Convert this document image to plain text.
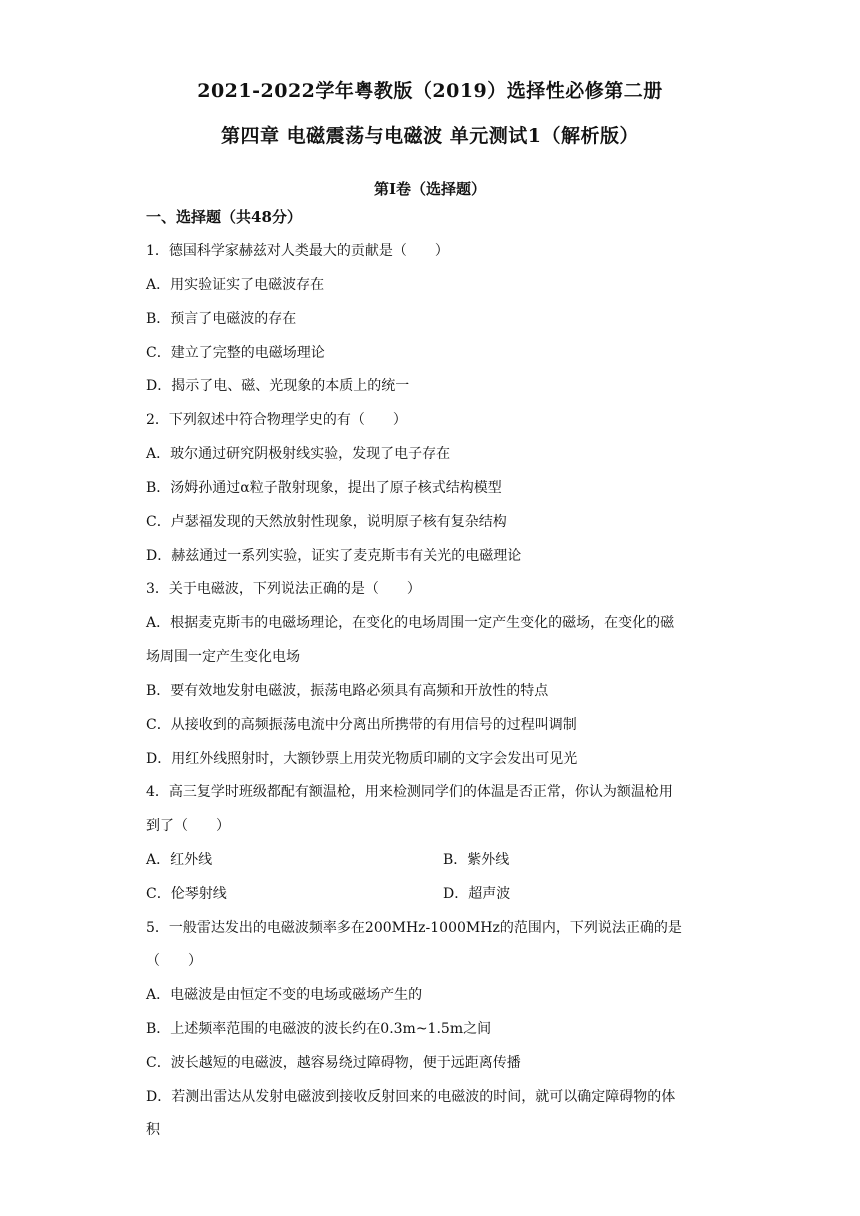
2021-2022学年粤教版（2019）选择性必修第二册
第四章 电磁震荡与电磁波 单元测试1（解析版）
第Ⅰ卷（选择题）
一、选择题（共48分）
1．德国科学家赫兹对人类最大的贡献是（　　）
A．用实验证实了电磁波存在
B．预言了电磁波的存在
C．建立了完整的电磁场理论
D．揭示了电、磁、光现象的本质上的统一
2．下列叙述中符合物理学史的有（　　）
A．玻尔通过研究阴极射线实验，发现了电子存在
B．汤姆孙通过α粒子散射现象，提出了原子核式结构模型
C．卢瑟福发现的天然放射性现象，说明原子核有复杂结构
D．赫兹通过一系列实验，证实了麦克斯韦有关光的电磁理论
3．关于电磁波，下列说法正确的是（　　）
A．根据麦克斯韦的电磁场理论，在变化的电场周围一定产生变化的磁场，在变化的磁
场周围一定产生变化电场
B．要有效地发射电磁波，振荡电路必须具有高频和开放性的特点
C．从接收到的高频振荡电流中分离出所携带的有用信号的过程叫调制
D．用红外线照射时，大额钞票上用荧光物质印刷的文字会发出可见光
4．高三复学时班级都配有额温枪，用来检测同学们的体温是否正常，你认为额温枪用
到了（　　）
A．红外线	B．紫外线
C．伦琴射线	D．超声波
5．一般雷达发出的电磁波频率多在200MHz-1000MHz的范围内，下列说法正确的是
（　　）
A．电磁波是由恒定不变的电场或磁场产生的
B．上述频率范围的电磁波的波长约在0.3m~1.5m之间
C．波长越短的电磁波，越容易绕过障碍物，便于远距离传播
D．若测出雷达从发射电磁波到接收反射回来的电磁波的时间，就可以确定障碍物的体
积
